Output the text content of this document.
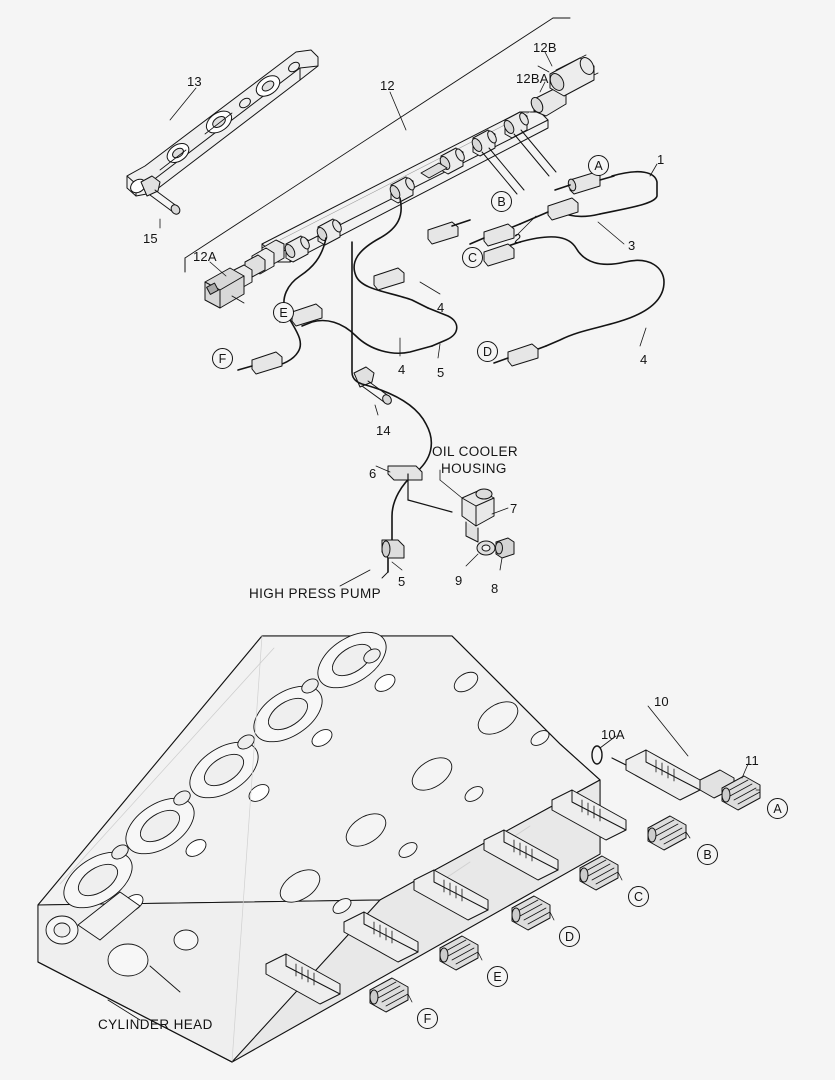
OIL COOLER
HOUSING
HIGH PRESS PUMP
CYLINDER HEAD
13	12
12B
12BA
1
2	3
15
12A
4
4
4
5
5
14
6
7
8
9
10
10A
11
A
B
C
D
E
F
A
B
C
D
E
F
